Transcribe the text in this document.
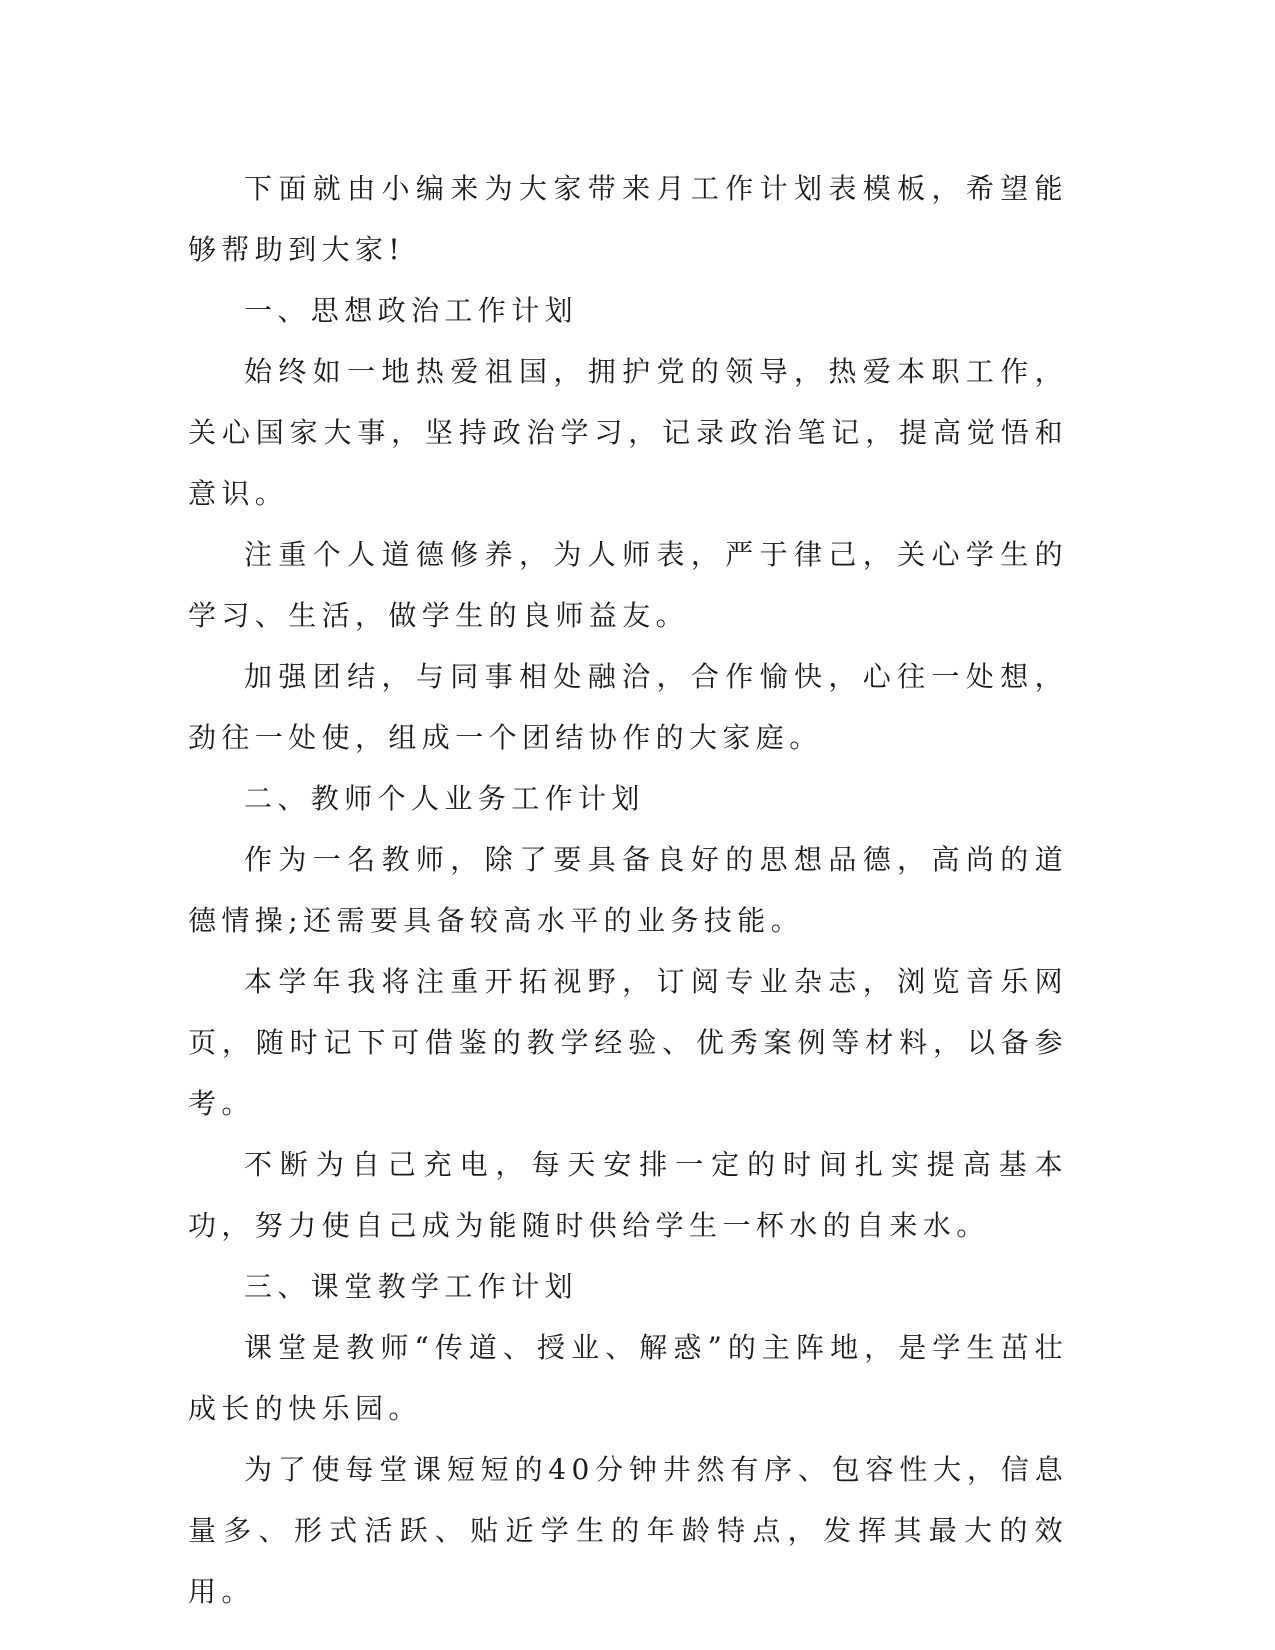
下面就由小编来为大家带来月工作计划表模板，希望能够帮助到大家!

一、思想政治工作计划

始终如一地热爱祖国，拥护党的领导，热爱本职工作，关心国家大事，坚持政治学习，记录政治笔记，提高觉悟和意识。

注重个人道德修养，为人师表，严于律己，关心学生的学习、生活，做学生的良师益友。

加强团结，与同事相处融洽，合作愉快，心往一处想，劲往一处使，组成一个团结协作的大家庭。

二、教师个人业务工作计划

作为一名教师，除了要具备良好的思想品德，高尚的道德情操;还需要具备较高水平的业务技能。

本学年我将注重开拓视野，订阅专业杂志，浏览音乐网页，随时记下可借鉴的教学经验、优秀案例等材料，以备参考。

不断为自己充电，每天安排一定的时间扎实提高基本功，努力使自己成为能随时供给学生一杯水的自来水。

三、课堂教学工作计划

课堂是教师“传道、授业、解惑”的主阵地，是学生茁壮成长的快乐园。

为了使每堂课短短的40分钟井然有序、包容性大，信息量多、形式活跃、贴近学生的年龄特点，发挥其最大的效用。
